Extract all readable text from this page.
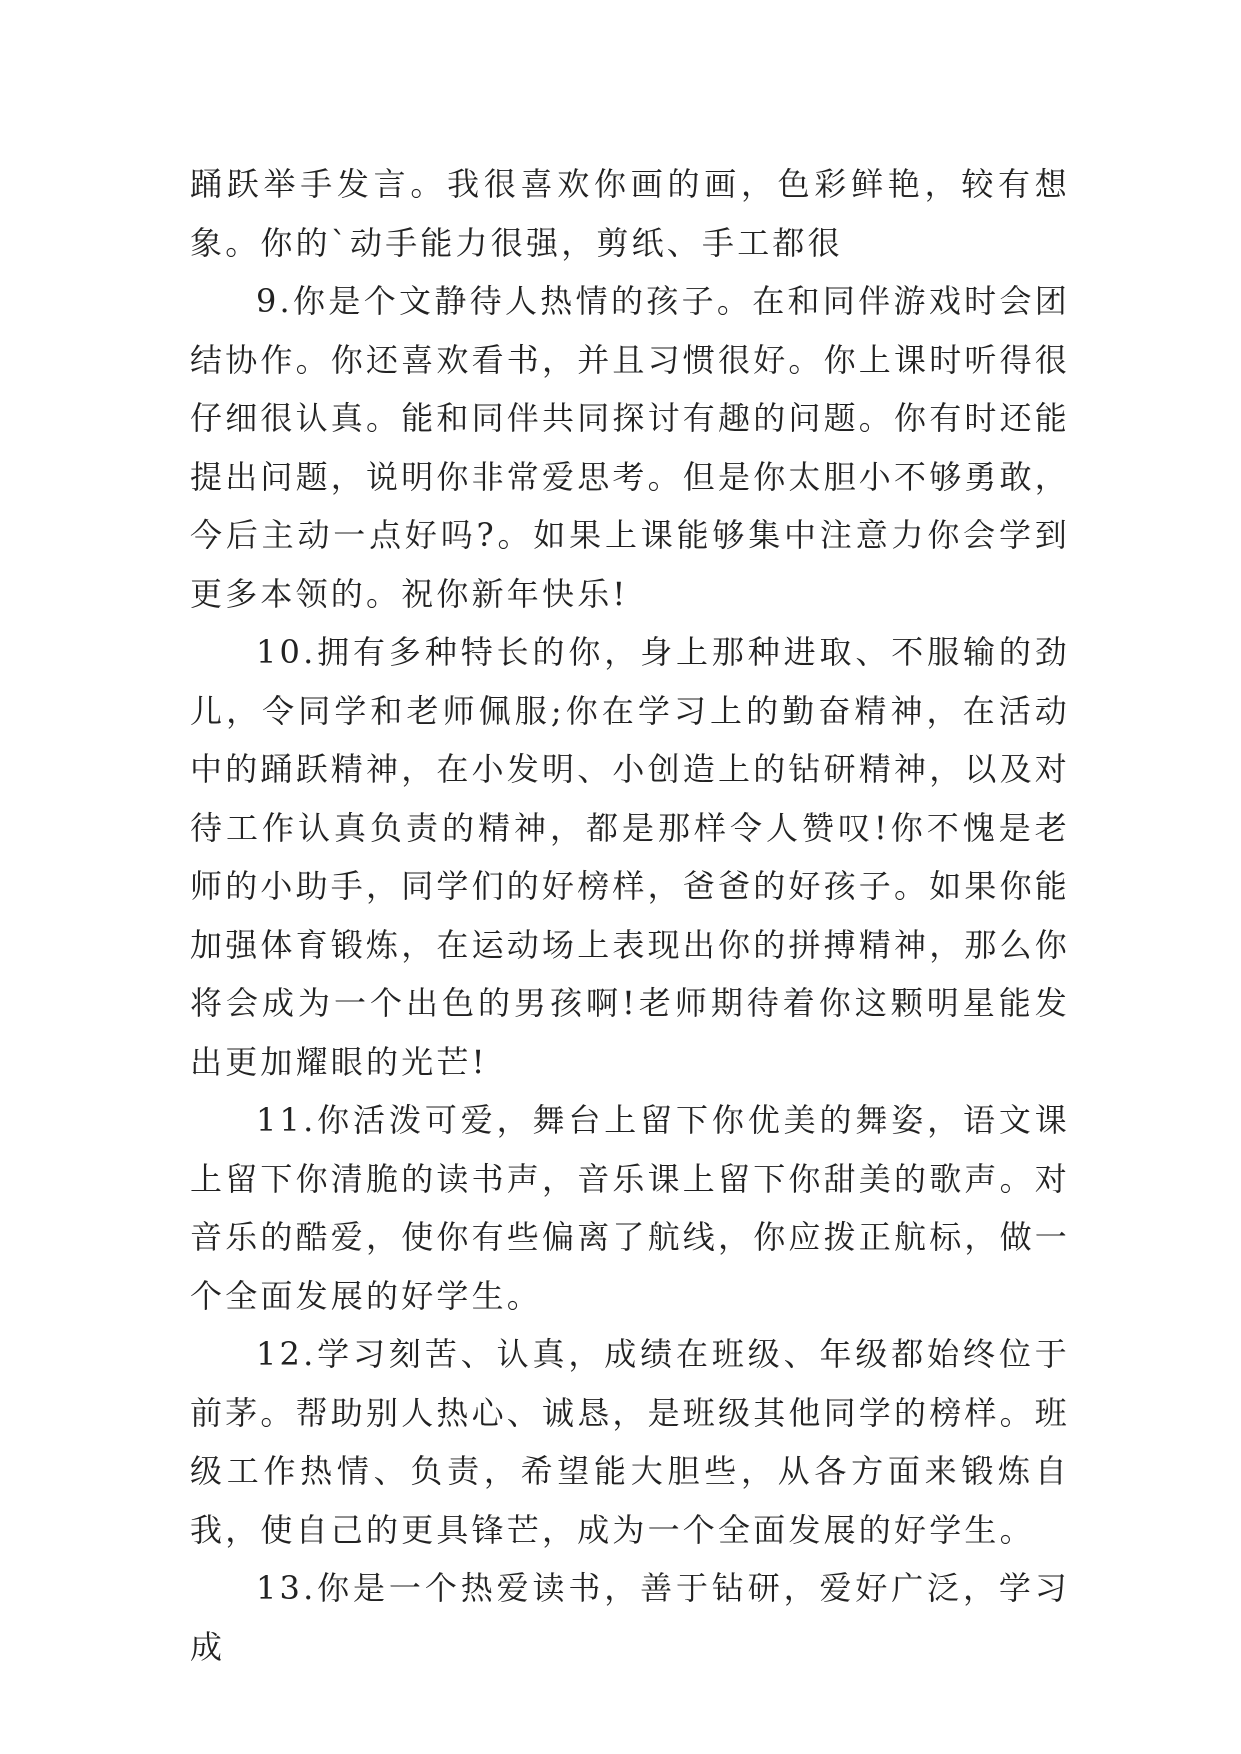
踊跃举手发言。我很喜欢你画的画，色彩鲜艳，较有想象。你的`动手能力很强，剪纸、手工都很

9.你是个文静待人热情的孩子。在和同伴游戏时会团结协作。你还喜欢看书，并且习惯很好。你上课时听得很仔细很认真。能和同伴共同探讨有趣的问题。你有时还能提出问题，说明你非常爱思考。但是你太胆小不够勇敢，今后主动一点好吗?。如果上课能够集中注意力你会学到更多本领的。祝你新年快乐!

10.拥有多种特长的你，身上那种进取、不服输的劲儿，令同学和老师佩服;你在学习上的勤奋精神，在活动中的踊跃精神，在小发明、小创造上的钻研精神，以及对待工作认真负责的精神，都是那样令人赞叹!你不愧是老师的小助手，同学们的好榜样，爸爸的好孩子。如果你能加强体育锻炼，在运动场上表现出你的拼搏精神，那么你将会成为一个出色的男孩啊!老师期待着你这颗明星能发出更加耀眼的光芒!

11.你活泼可爱，舞台上留下你优美的舞姿，语文课上留下你清脆的读书声，音乐课上留下你甜美的歌声。对音乐的酷爱，使你有些偏离了航线，你应拨正航标，做一个全面发展的好学生。

12.学习刻苦、认真，成绩在班级、年级都始终位于前茅。帮助别人热心、诚恳，是班级其他同学的榜样。班级工作热情、负责，希望能大胆些，从各方面来锻炼自我，使自己的更具锋芒，成为一个全面发展的好学生。

13.你是一个热爱读书，善于钻研，爱好广泛，学习成
